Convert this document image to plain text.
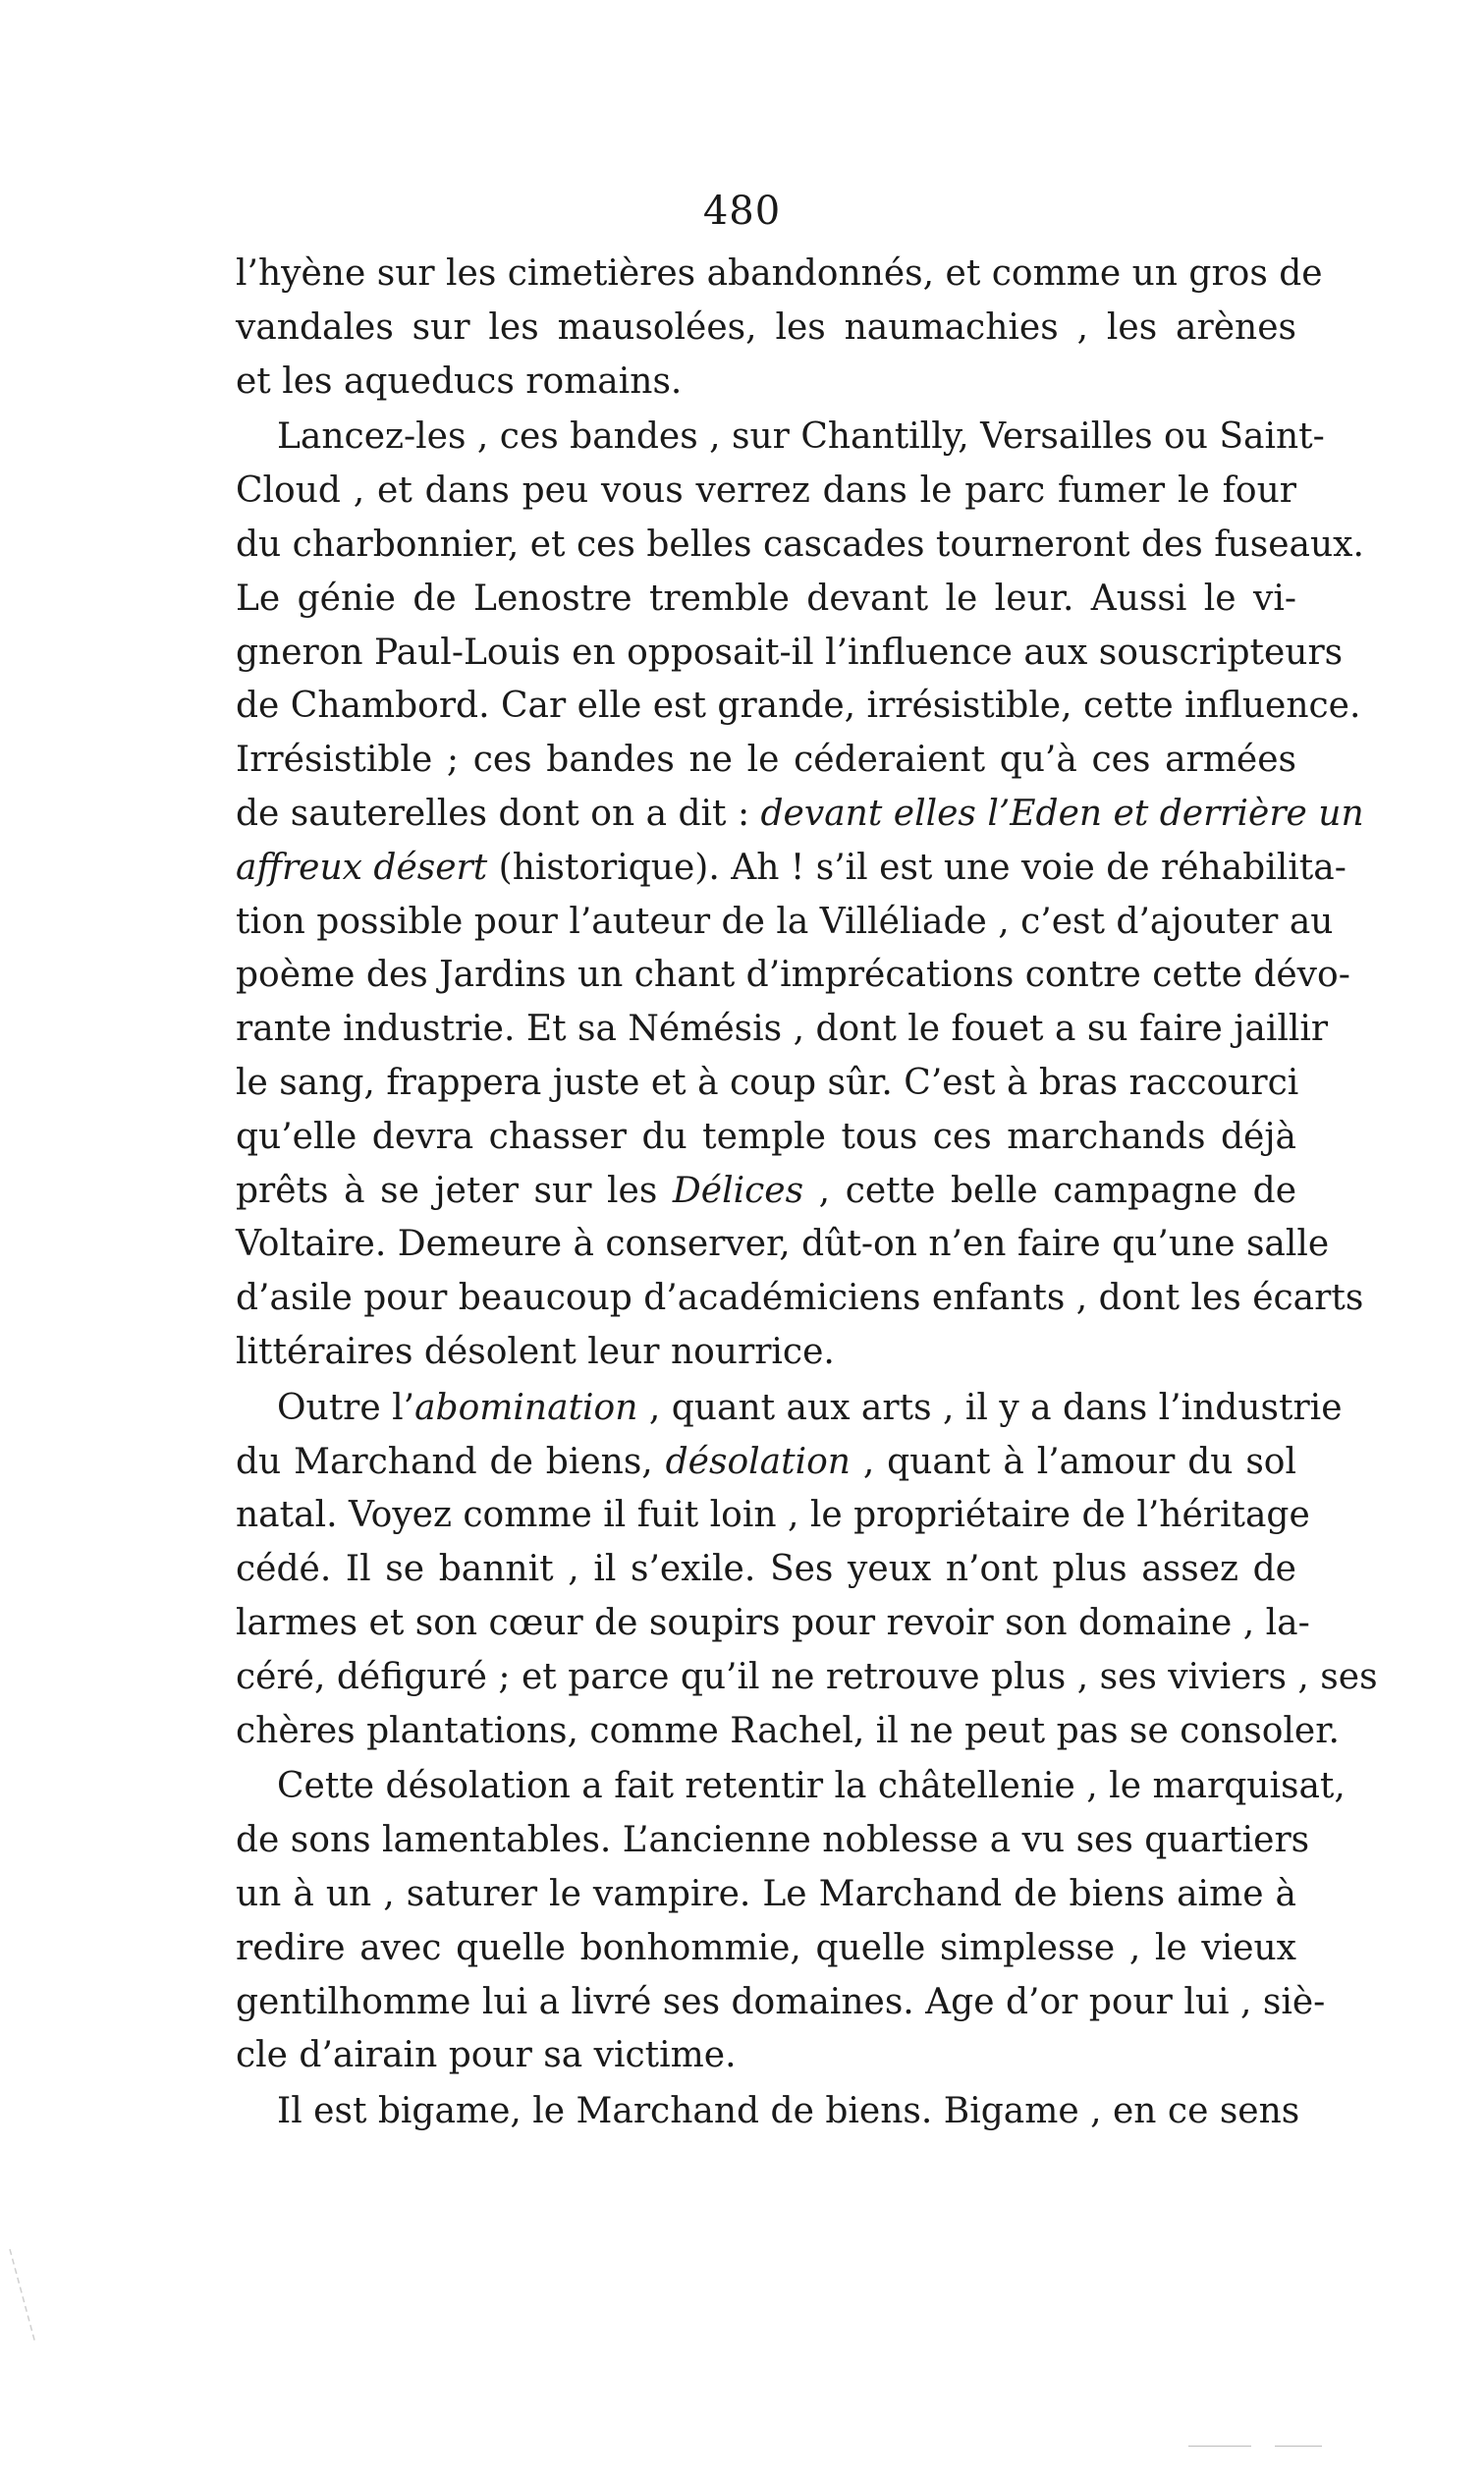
480
l’hyène sur les cimetières abandonnés, et comme un gros de
vandales sur les mausolées, les naumachies , les arènes
et les aqueducs romains.
Lancez-les , ces bandes , sur Chantilly, Versailles ou Saint-
Cloud , et dans peu vous verrez dans le parc fumer le four
du charbonnier, et ces belles cascades tourneront des fuseaux.
Le génie de Lenostre tremble devant le leur. Aussi le vi-
gneron Paul-Louis en opposait-il l’influence aux souscripteurs
de Chambord. Car elle est grande, irrésistible, cette influence.
Irrésistible ; ces bandes ne le céderaient qu’à ces armées
de sauterelles dont on a dit : devant elles l’Eden et derrière un
affreux désert (historique). Ah ! s’il est une voie de réhabilita-
tion possible pour l’auteur de la Villéliade , c’est d’ajouter au
poème des Jardins un chant d’imprécations contre cette dévo-
rante industrie. Et sa Némésis , dont le fouet a su faire jaillir
le sang, frappera juste et à coup sûr. C’est à bras raccourci
qu’elle devra chasser du temple tous ces marchands déjà
prêts à se jeter sur les Délices , cette belle campagne de
Voltaire. Demeure à conserver, dût-on n’en faire qu’une salle
d’asile pour beaucoup d’académiciens enfants , dont les écarts
littéraires désolent leur nourrice.
Outre l’abomination , quant aux arts , il y a dans l’industrie
du Marchand de biens, désolation , quant à l’amour du sol
natal. Voyez comme il fuit loin , le propriétaire de l’héritage
cédé. Il se bannit , il s’exile. Ses yeux n’ont plus assez de
larmes et son cœur de soupirs pour revoir son domaine , la-
céré, défiguré ; et parce qu’il ne retrouve plus , ses viviers , ses
chères plantations, comme Rachel, il ne peut pas se consoler.
Cette désolation a fait retentir la châtellenie , le marquisat,
de sons lamentables. L’ancienne noblesse a vu ses quartiers
un à un , saturer le vampire. Le Marchand de biens aime à
redire avec quelle bonhommie, quelle simplesse , le vieux
gentilhomme lui a livré ses domaines. Age d’or pour lui , siè-
cle d’airain pour sa victime.
Il est bigame, le Marchand de biens. Bigame , en ce sens
